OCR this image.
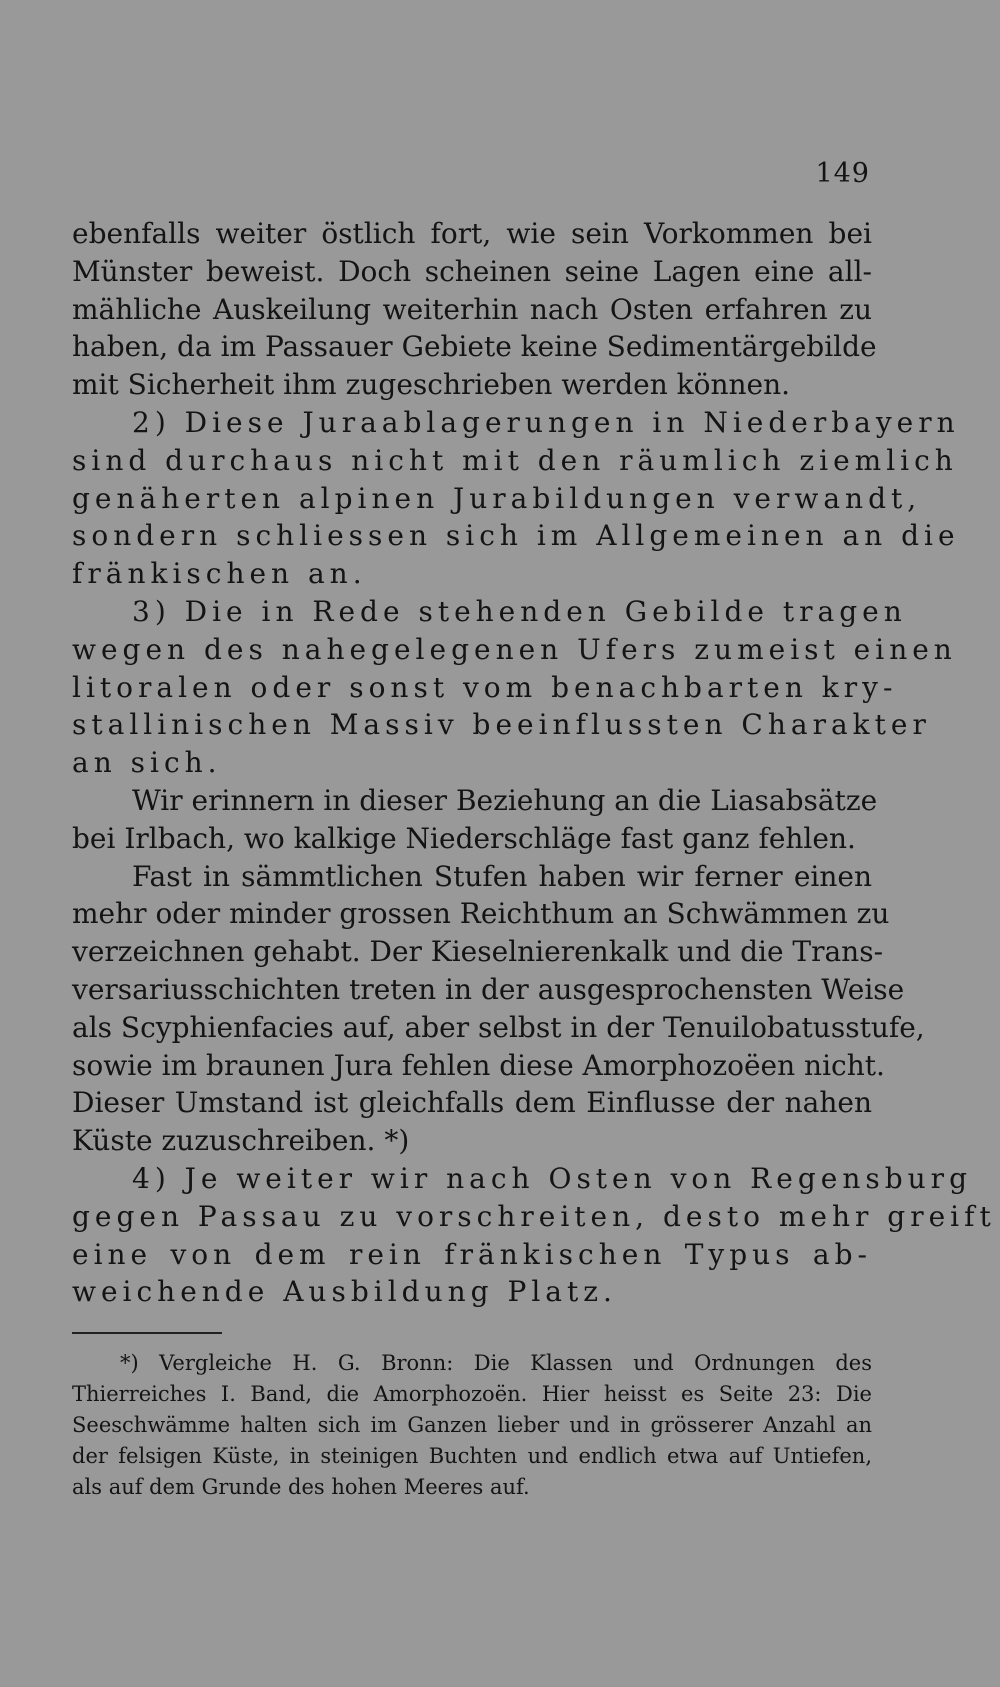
149
ebenfalls weiter östlich fort, wie sein Vorkommen bei
Münster beweist. Doch scheinen seine Lagen eine all-
mähliche Auskeilung weiterhin nach Osten erfahren zu
haben, da im Passauer Gebiete keine Sedimentärgebilde
mit Sicherheit ihm zugeschrieben werden können.
2) Diese Juraablagerungen in Niederbayern
sind durchaus nicht mit den räumlich ziemlich
genäherten alpinen Jurabildungen verwandt,
sondern schliessen sich im Allgemeinen an die
fränkischen an.
3) Die in Rede stehenden Gebilde tragen
wegen des nahegelegenen Ufers zumeist einen
litoralen oder sonst vom benachbarten kry-
stallinischen Massiv beeinflussten Charakter
an sich.
Wir erinnern in dieser Beziehung an die Liasabsätze
bei Irlbach, wo kalkige Niederschläge fast ganz fehlen.
Fast in sämmtlichen Stufen haben wir ferner einen
mehr oder minder grossen Reichthum an Schwämmen zu
verzeichnen gehabt. Der Kieselnierenkalk und die Trans-
versariusschichten treten in der ausgesprochensten Weise
als Scyphienfacies auf, aber selbst in der Tenuilobatusstufe,
sowie im braunen Jura fehlen diese Amorphozoëen nicht.
Dieser Umstand ist gleichfalls dem Einflusse der nahen
Küste zuzuschreiben. *)
4) Je weiter wir nach Osten von Regensburg
gegen Passau zu vorschreiten, desto mehr greift
eine von dem rein fränkischen Typus ab-
weichende Ausbildung Platz.
*) Vergleiche H. G. Bronn: Die Klassen und Ordnungen des
Thierreiches I. Band, die Amorphozoën. Hier heisst es Seite 23: Die
Seeschwämme halten sich im Ganzen lieber und in grösserer Anzahl an
der felsigen Küste, in steinigen Buchten und endlich etwa auf Untiefen,
als auf dem Grunde des hohen Meeres auf.
